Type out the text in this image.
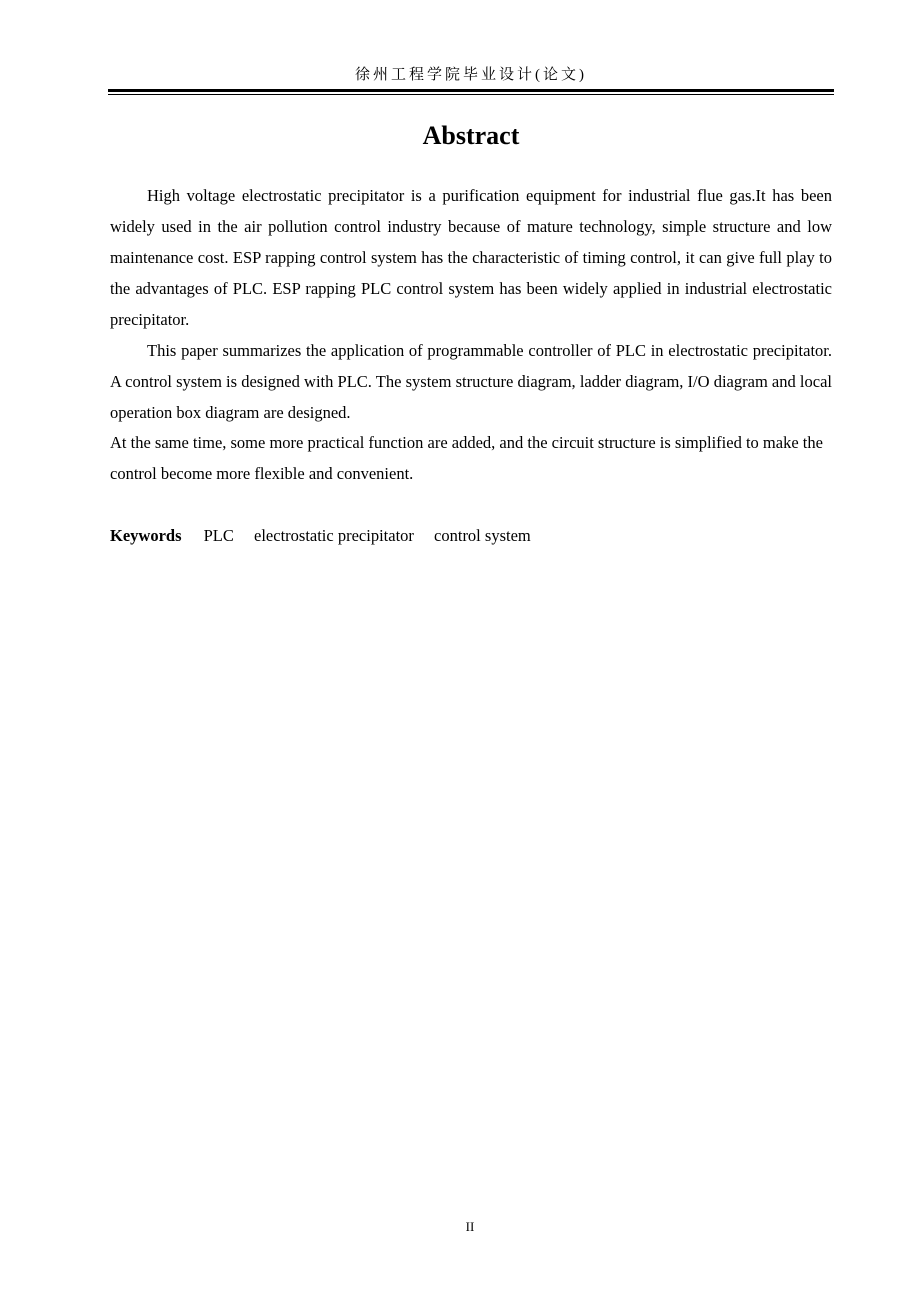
徐州工程学院毕业设计(论文)
Abstract

High voltage electrostatic precipitator is a purification equipment for industrial flue gas.It has been widely used in the air pollution control industry because of mature technology, simple structure and low maintenance cost. ESP rapping control system has the characteristic of timing control, it can give full play to the advantages of PLC. ESP rapping PLC control system has been widely applied in industrial electrostatic precipitator.

This paper summarizes the application of programmable controller of PLC in electrostatic precipitator. A control system is designed with PLC. The system structure diagram, ladder diagram, I/O diagram and local operation box diagram are designed.

At the same time, some more practical function are added, and the circuit structure is simplified to make the control become more flexible and convenient.

Keywords PLC electrostatic precipitator control system
II
